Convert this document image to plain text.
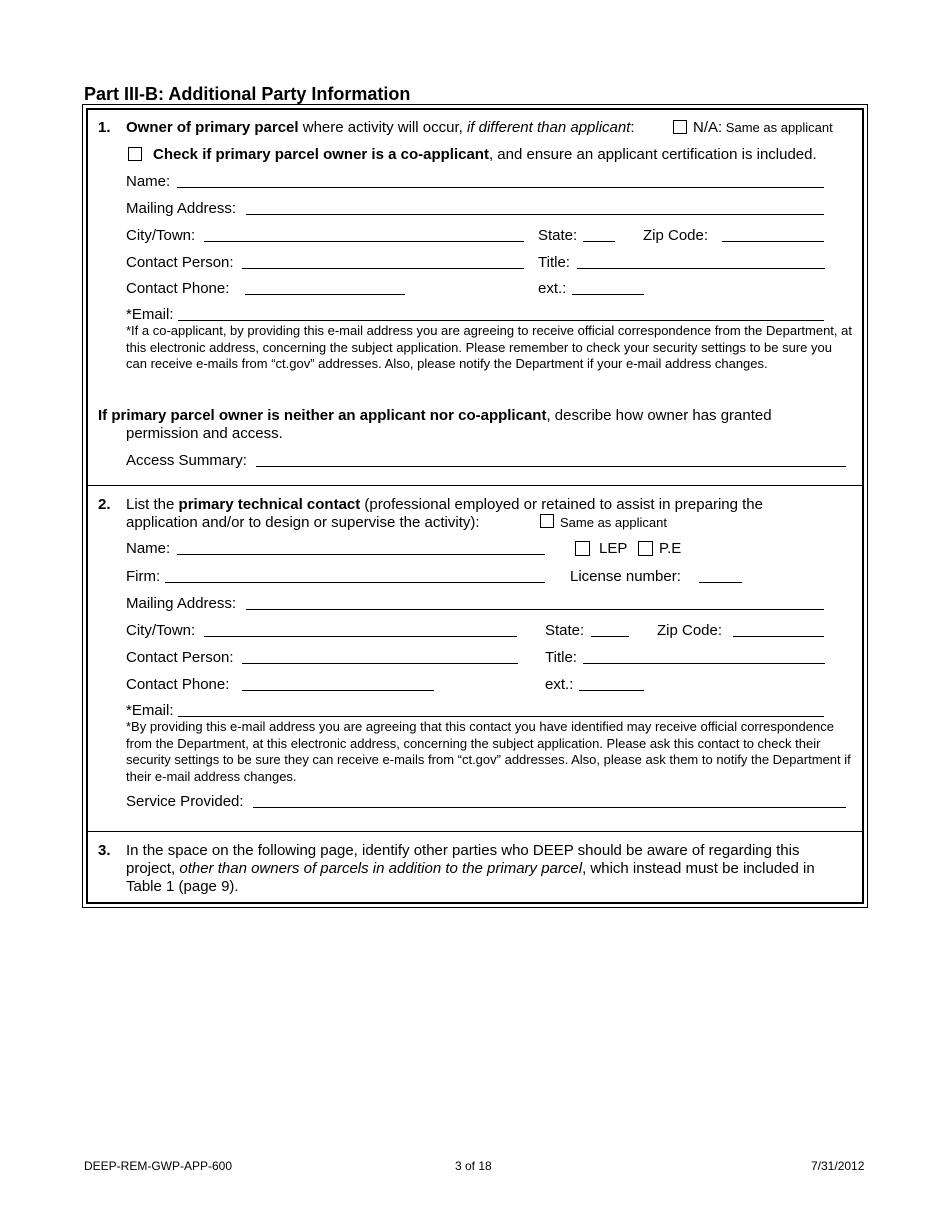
Part III-B: Additional Party Information
1. Owner of primary parcel where activity will occur, if different than applicant:	N/A: Same as applicant
Check if primary parcel owner is a co-applicant, and ensure an applicant certification is included.
Name:
Mailing Address:
City/Town:	State:	Zip Code:
Contact Person:	Title:
Contact Phone:	ext.:
*Email:
*If a co-applicant, by providing this e-mail address you are agreeing to receive official correspondence from the Department, at this electronic address, concerning the subject application. Please remember to check your security settings to be sure you can receive e-mails from “ct.gov” addresses. Also, please notify the Department if your e-mail address changes.
If primary parcel owner is neither an applicant nor co-applicant, describe how owner has granted
permission and access.
Access Summary:
2. List the primary technical contact (professional employed or retained to assist in preparing the
application and/or to design or supervise the activity):	Same as applicant
Name:	LEP P.E
Firm:	License number:
Mailing Address:
City/Town:	State:	Zip Code:
Contact Person:	Title:
Contact Phone:	ext.:
*Email:
*By providing this e-mail address you are agreeing that this contact you have identified may receive official correspondence from the Department, at this electronic address, concerning the subject application. Please ask this contact to check their security settings to be sure they can receive e-mails from “ct.gov” addresses. Also, please ask them to notify the Department if their e-mail address changes.
Service Provided:
3. In the space on the following page, identify other parties who DEEP should be aware of regarding this project, other than owners of parcels in addition to the primary parcel, which instead must be included in Table 1 (page 9).
DEEP-REM-GWP-APP-600	3 of 18	7/31/2012
